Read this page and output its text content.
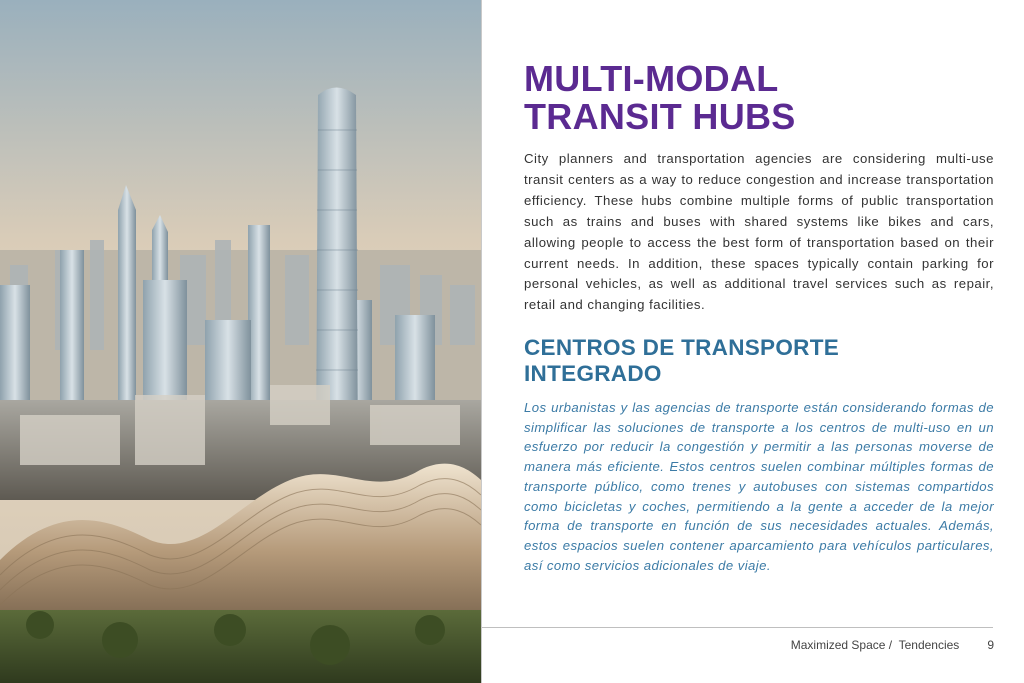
MULTI-MODAL
TRANSIT HUBS

City planners and transportation agencies are considering multi-use transit centers as a way to reduce congestion and increase transportation efficiency. These hubs combine multiple forms of public transportation such as trains and buses with shared systems like bikes and cars, allowing people to access the best form of transportation based on their current needs. In addition, these spaces typically contain parking for personal vehicles, as well as additional travel services such as repair, retail and changing facilities.

CENTROS DE TRANSPORTE
INTEGRADO

Los urbanistas y las agencias de transporte están considerando formas de simplificar las soluciones de transporte a los centros de multi-uso en un esfuerzo por reducir la congestión y permitir a las personas moverse de manera más eficiente. Estos centros suelen combinar múltiples formas de transporte público, como trenes y autobuses con sistemas compartidos como bicicletas y coches, permitiendo a la gente a acceder de la mejor forma de transporte en función de sus necesidades actuales. Además, estos espacios suelen contener aparcamiento para vehículos particulares, así como servicios adicionales de viaje.

Maximized Space /  Tendencies 9
